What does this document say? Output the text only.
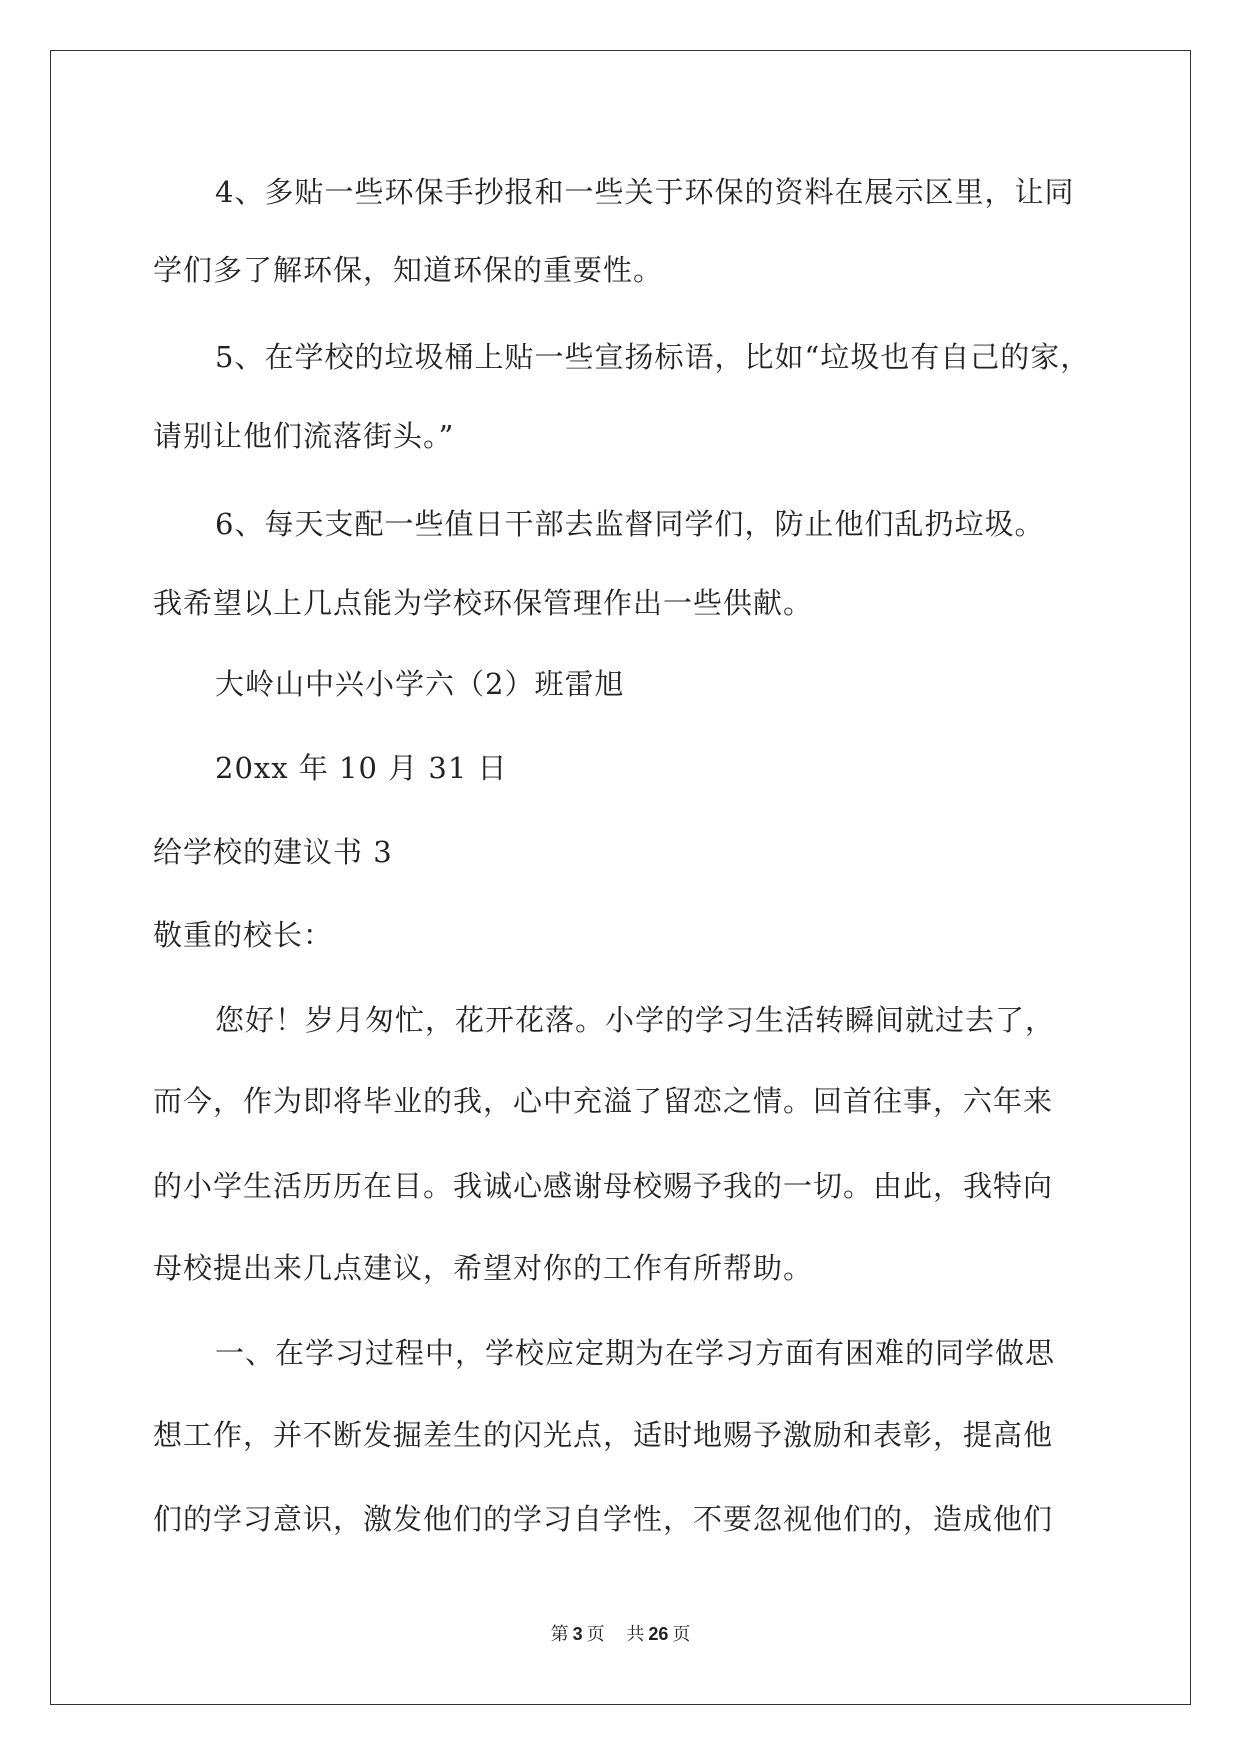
4、多贴一些环保手抄报和一些关于环保的资料在展示区里，让同
学们多了解环保，知道环保的重要性。
5、在学校的垃圾桶上贴一些宣扬标语，比如“垃圾也有自己的家，
请别让他们流落街头。”
6、每天支配一些值日干部去监督同学们，防止他们乱扔垃圾。
我希望以上几点能为学校环保管理作出一些供献。
大岭山中兴小学六（2）班雷旭
20xx 年 10 月 31 日
给学校的建议书 3
敬重的校长：
您好！岁月匆忙，花开花落。小学的学习生活转瞬间就过去了，
而今，作为即将毕业的我，心中充溢了留恋之情。回首往事，六年来
的小学生活历历在目。我诚心感谢母校赐予我的一切。由此，我特向
母校提出来几点建议，希望对你的工作有所帮助。
一、在学习过程中，学校应定期为在学习方面有困难的同学做思
想工作，并不断发掘差生的闪光点，适时地赐予激励和表彰，提高他
们的学习意识，激发他们的学习自学性，不要忽视他们的，造成他们
第 3 页 共 26 页
